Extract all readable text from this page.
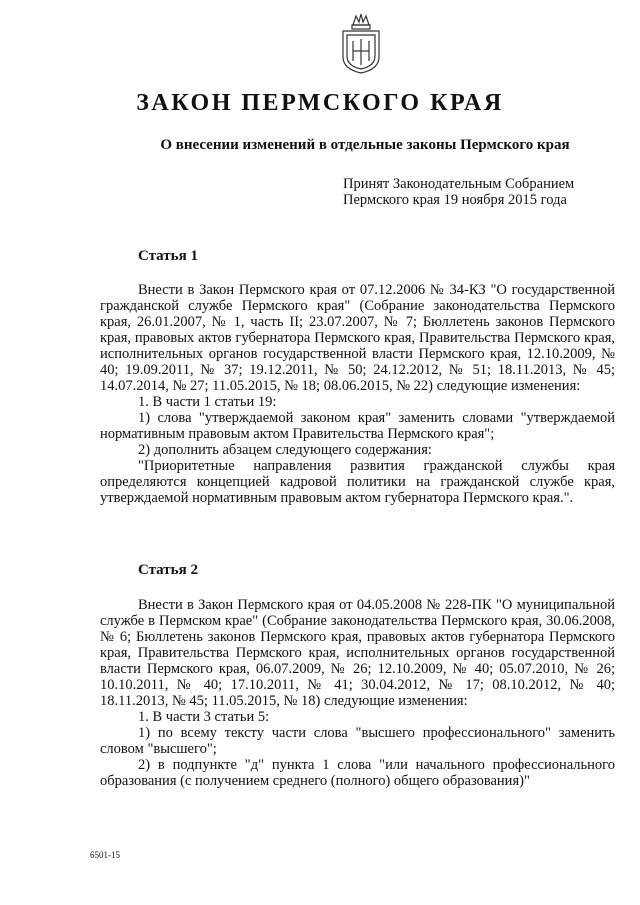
ЗАКОН ПЕРМСКОГО КРАЯ
О внесении изменений в отдельные законы Пермского края
Принят Законодательным Собранием
Пермского края 19 ноября 2015 года
Статья 1

Внести в Закон Пермского края от 07.12.2006 № 34-КЗ "О государственной гражданской службе Пермского края" (Собрание законодательства Пермского края, 26.01.2007, № 1, часть II; 23.07.2007, № 7; Бюллетень законов Пермского края, правовых актов губернатора Пермского края, Правительства Пермского края, исполнительных органов государственной власти Пермского края, 12.10.2009, № 40; 19.09.2011, № 37; 19.12.2011, № 50; 24.12.2012, № 51; 18.11.2013, № 45; 14.07.2014, № 27; 11.05.2015, № 18; 08.06.2015, № 22) следующие изменения:

1. В части 1 статьи 19:

1) слова "утверждаемой законом края" заменить словами "утверждаемой нормативным правовым актом Правительства Пермского края";

2) дополнить абзацем следующего содержания:

"Приоритетные направления развития гражданской службы края определяются концепцией кадровой политики на гражданской службе края, утверждаемой нормативным правовым актом губернатора Пермского края.".

Статья 2

Внести в Закон Пермского края от 04.05.2008 № 228-ПК "О муниципальной службе в Пермском крае" (Собрание законодательства Пермского края, 30.06.2008, № 6; Бюллетень законов Пермского края, правовых актов губернатора Пермского края, Правительства Пермского края, исполнительных органов государственной власти Пермского края, 06.07.2009, № 26; 12.10.2009, № 40; 05.07.2010, № 26; 10.10.2011, № 40; 17.10.2011, № 41; 30.04.2012, № 17; 08.10.2012, № 40; 18.11.2013, № 45; 11.05.2015, № 18) следующие изменения:

1. В части 3 статьи 5:

1) по всему тексту части слова "высшего профессионального" заменить словом "высшего";

2) в подпункте "д" пункта 1 слова "или начального профессионального образования (с получением среднего (полного) общего образования)"

6501-15
